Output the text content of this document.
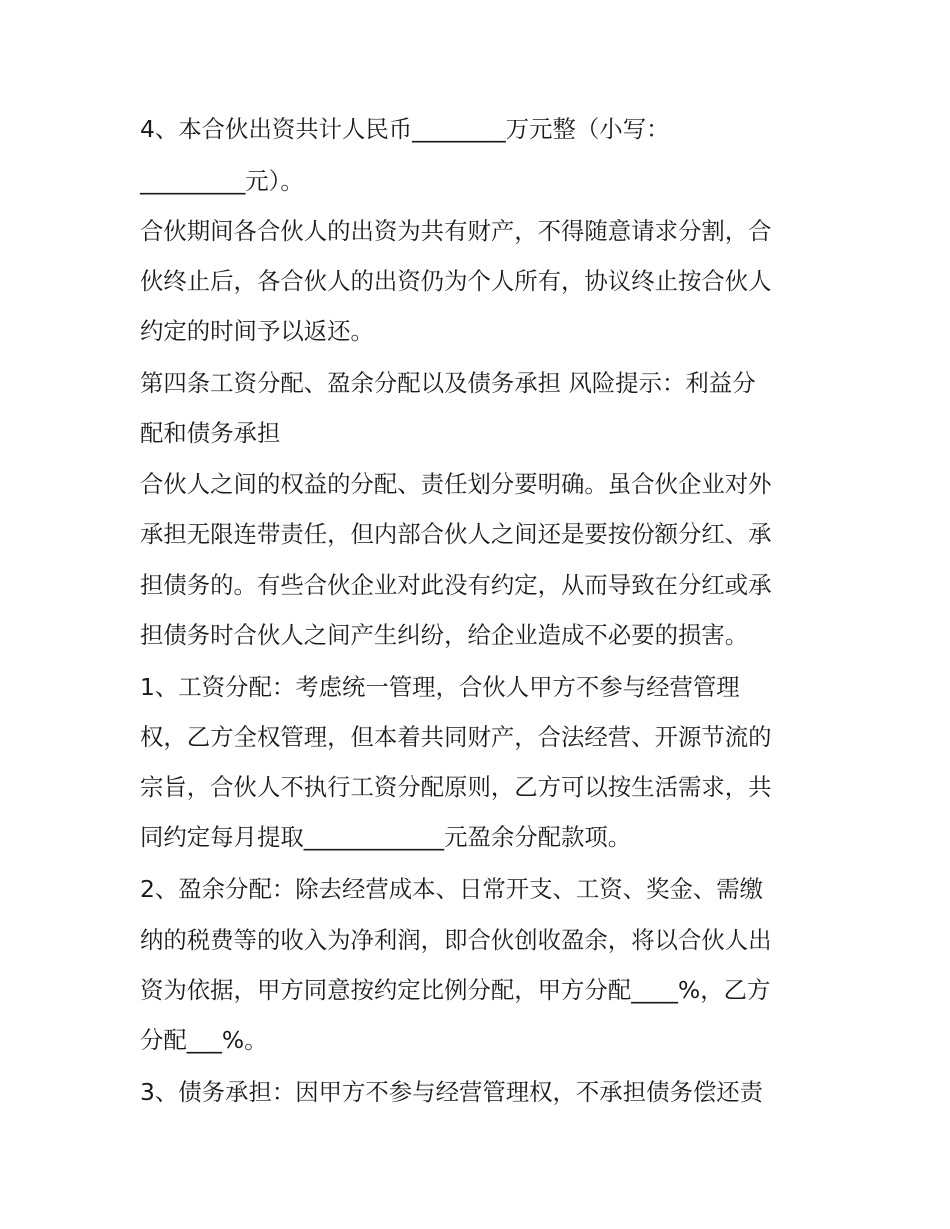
4、本合伙出资共计人民币________万元整（小写：

_________元）。

合伙期间各合伙人的出资为共有财产，不得随意请求分割，合

伙终止后，各合伙人的出资仍为个人所有，协议终止按合伙人

约定的时间予以返还。

第四条工资分配、盈余分配以及债务承担 风险提示：利益分

配和债务承担

合伙人之间的权益的分配、责任划分要明确。虽合伙企业对外

承担无限连带责任，但内部合伙人之间还是要按份额分红、承

担债务的。有些合伙企业对此没有约定，从而导致在分红或承

担债务时合伙人之间产生纠纷，给企业造成不必要的损害。

1、工资分配：考虑统一管理，合伙人甲方不参与经营管理

权，乙方全权管理，但本着共同财产，合法经营、开源节流的

宗旨，合伙人不执行工资分配原则，乙方可以按生活需求，共

同约定每月提取____________元盈余分配款项。

2、盈余分配：除去经营成本、日常开支、工资、奖金、需缴

纳的税费等的收入为净利润，即合伙创收盈余，将以合伙人出

资为依据，甲方同意按约定比例分配，甲方分配____%，乙方

分配___%。

3、债务承担：因甲方不参与经营管理权，不承担债务偿还责
